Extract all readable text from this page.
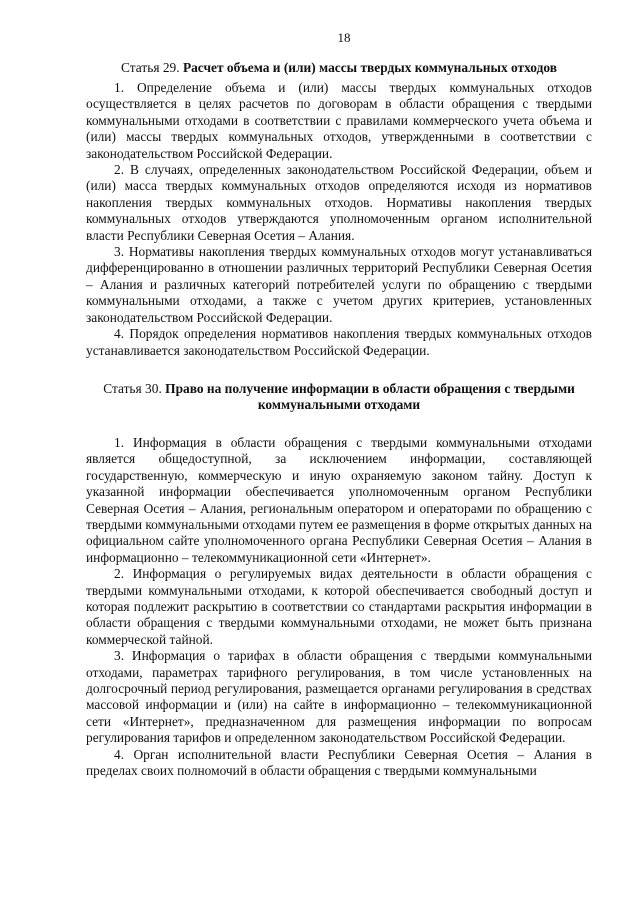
18
Статья 29. Расчет объема и (или) массы твердых коммунальных отходов

1. Определение объема и (или) массы твердых коммунальных отходов осуществляется в целях расчетов по договорам в области обращения с твердыми коммунальными отходами в соответствии с правилами коммерческого учета объема и (или) массы твердых коммунальных отходов, утвержденными в соответствии с законодательством Российской Федерации.

2. В случаях, определенных законодательством Российской Федерации, объем и (или) масса твердых коммунальных отходов определяются исходя из нормативов накопления твердых коммунальных отходов. Нормативы накопления твердых коммунальных отходов утверждаются уполномоченным органом исполнительной власти Республики Северная Осетия – Алания.

3. Нормативы накопления твердых коммунальных отходов могут устанавливаться дифференцированно в отношении различных территорий Республики Северная Осетия – Алания и различных категорий потребителей услуги по обращению с твердыми коммунальными отходами, а также с учетом других критериев, установленных законодательством Российской Федерации.

4. Порядок определения нормативов накопления твердых коммунальных отходов устанавливается законодательством Российской Федерации.

Статья 30. Право на получение информации в области обращения с твердыми коммунальными отходами

1. Информация в области обращения с твердыми коммунальными отходами является общедоступной, за исключением информации, составляющей государственную, коммерческую и иную охраняемую законом тайну. Доступ к указанной информации обеспечивается уполномоченным органом Республики Северная Осетия – Алания, региональным оператором и операторами по обращению с твердыми коммунальными отходами путем ее размещения в форме открытых данных на официальном сайте уполномоченного органа Республики Северная Осетия – Алания в информационно – телекоммуникационной сети «Интернет».

2. Информация о регулируемых видах деятельности в области обращения с твердыми коммунальными отходами, к которой обеспечивается свободный доступ и которая подлежит раскрытию в соответствии со стандартами раскрытия информации в области обращения с твердыми коммунальными отходами, не может быть признана коммерческой тайной.

3. Информация о тарифах в области обращения с твердыми коммунальными отходами, параметрах тарифного регулирования, в том числе установленных на долгосрочный период регулирования, размещается органами регулирования в средствах массовой информации и (или) на сайте в информационно – телекоммуникационной сети «Интернет», предназначенном для размещения информации по вопросам регулирования тарифов и определенном законодательством Российской Федерации.

4. Орган исполнительной власти Республики Северная Осетия – Алания в пределах своих полномочий в области обращения с твердыми коммунальными
